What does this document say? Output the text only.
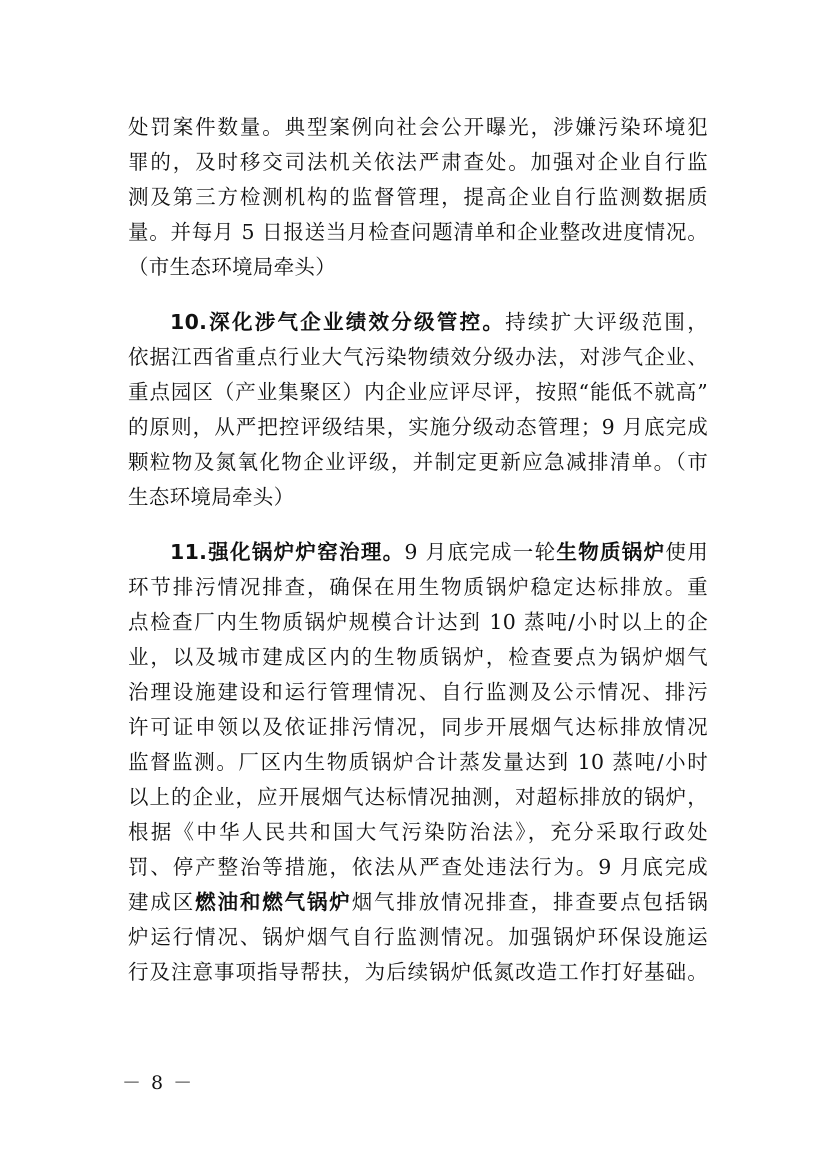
处罚案件数量。典型案例向社会公开曝光，涉嫌污染环境犯
罪的，及时移交司法机关依法严肃查处。加强对企业自行监
测及第三方检测机构的监督管理，提高企业自行监测数据质
量。并每月 5 日报送当月检查问题清单和企业整改进度情况。
（市生态环境局牵头）
10.深化涉气企业绩效分级管控。持续扩大评级范围，
依据江西省重点行业大气污染物绩效分级办法，对涉气企业、
重点园区（产业集聚区）内企业应评尽评，按照“能低不就高”
的原则，从严把控评级结果，实施分级动态管理；9 月底完成
颗粒物及氮氧化物企业评级，并制定更新应急减排清单。（市
生态环境局牵头）
11.强化锅炉炉窑治理。9 月底完成一轮生物质锅炉使用
环节排污情况排查，确保在用生物质锅炉稳定达标排放。重
点检查厂内生物质锅炉规模合计达到 10 蒸吨/小时以上的企
业，以及城市建成区内的生物质锅炉，检查要点为锅炉烟气
治理设施建设和运行管理情况、自行监测及公示情况、排污
许可证申领以及依证排污情况，同步开展烟气达标排放情况
监督监测。厂区内生物质锅炉合计蒸发量达到 10 蒸吨/小时
以上的企业，应开展烟气达标情况抽测，对超标排放的锅炉，
根据《中华人民共和国大气污染防治法》，充分采取行政处
罚、停产整治等措施，依法从严查处违法行为。9 月底完成
建成区燃油和燃气锅炉烟气排放情况排查，排查要点包括锅
炉运行情况、锅炉烟气自行监测情况。加强锅炉环保设施运
行及注意事项指导帮扶，为后续锅炉低氮改造工作打好基础。
－ 8 －
